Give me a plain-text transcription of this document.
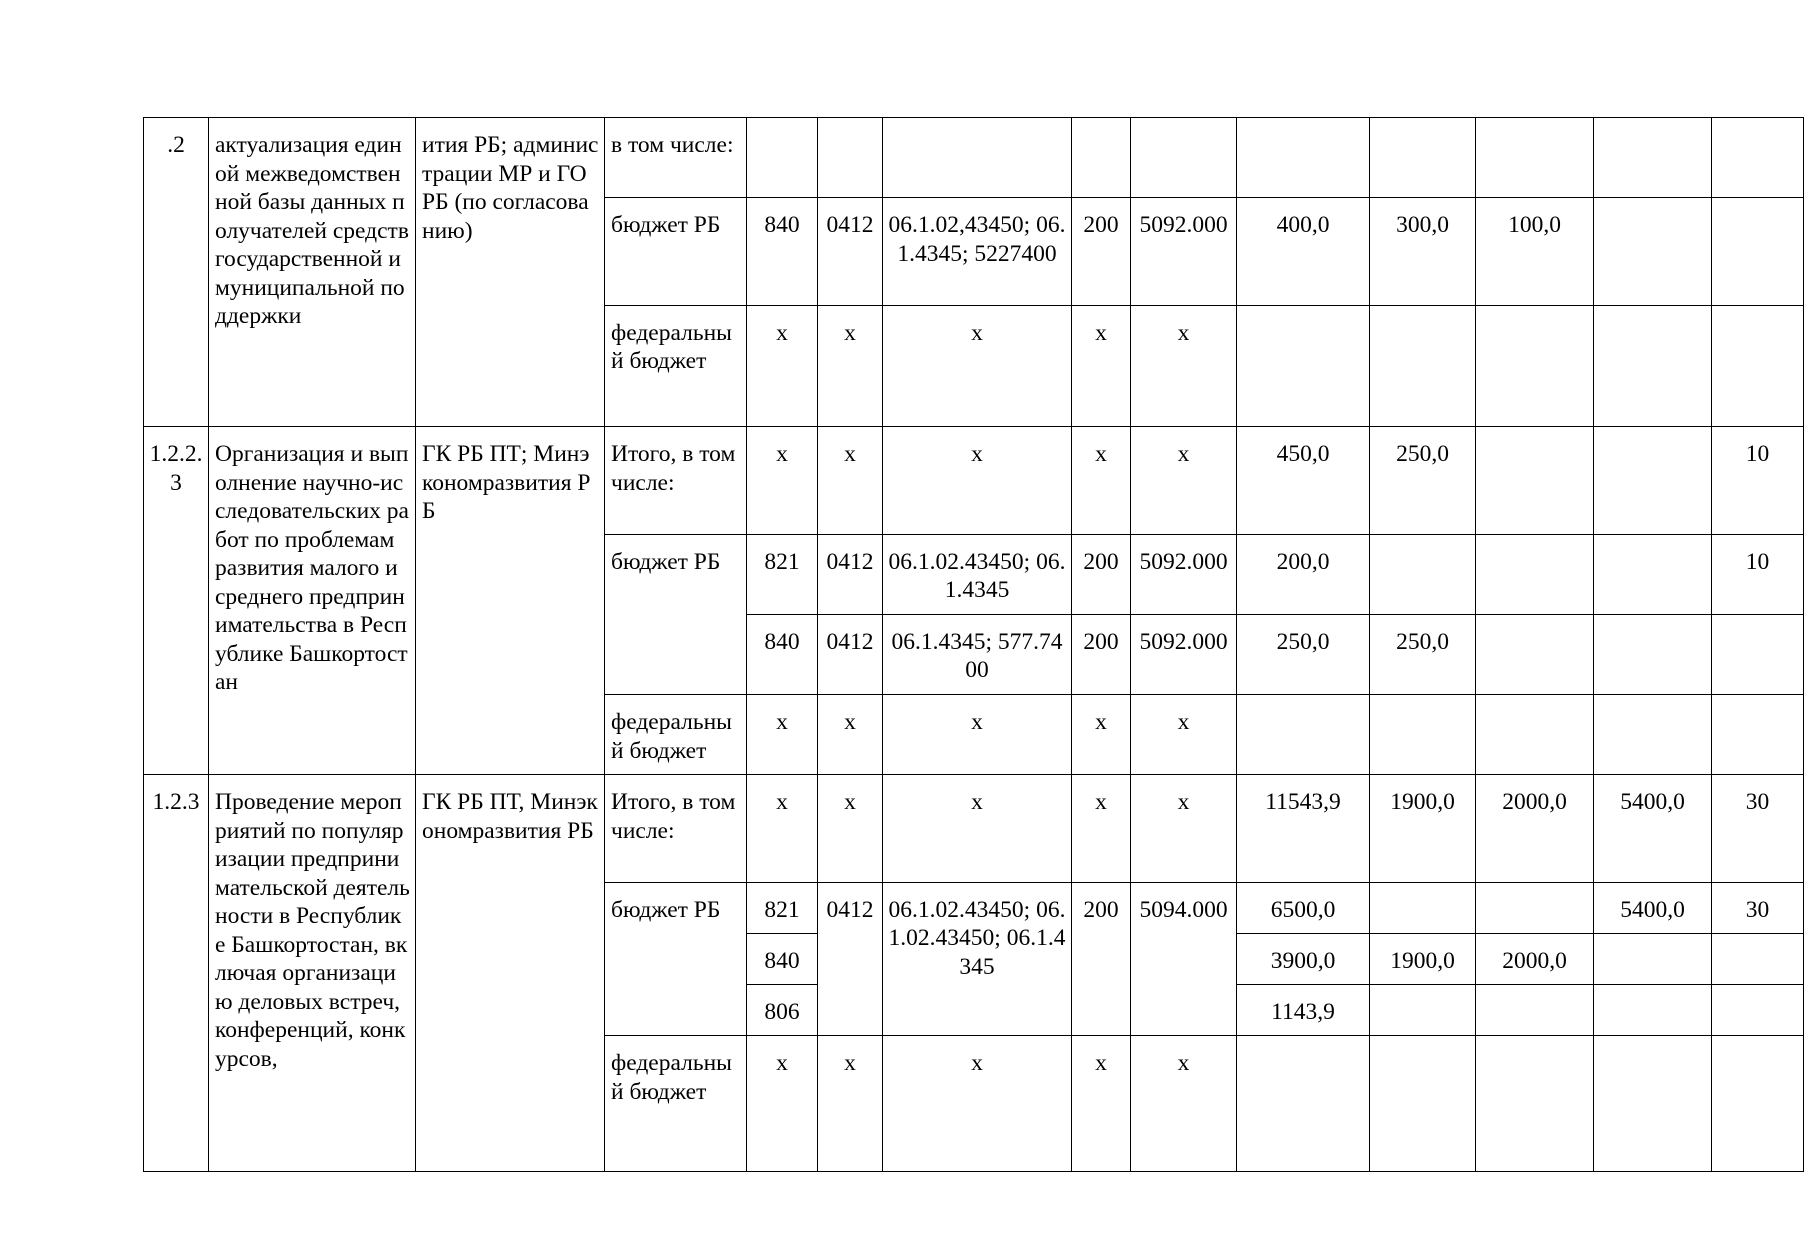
.2	актуализация единой межведомственной базы данных получателей средств государственной и муниципальной поддержки	ития РБ; администрации МР и ГО РБ (по согласованию)	в том числе:										
			бюджет РБ	840	0412	06.1.02,43450; 06.1.4345; 5227400	200	5092.000	400,0	300,0	100,0		
			федеральный бюджет	x	x	x	x	x					
1.2.2.3	Организация и выполнение научно-исследовательских работ по проблемам развития малого и среднего предпринимательства в Республике Башкортостан	ГК РБ ПТ; Минэкономразвития РБ	Итого, в том числе:	x	x	x	x	x	450,0	250,0			10
			бюджет РБ	821	0412	06.1.02.43450; 06.1.4345	200	5092.000	200,0				10
				840	0412	06.1.4345; 577.7400	200	5092.000	250,0	250,0			
			федеральный бюджет	x	x	x	x	x					
1.2.3	Проведение мероприятий по популяризации предпринимательской деятельности в Республике Башкортостан, включая организацию деловых встреч, конференций, конкурсов,	ГК РБ ПТ, Минэкономразвития РБ	Итого, в том числе:	x	x	x	x	x	11543,9	1900,0	2000,0	5400,0	30
			бюджет РБ	821	0412	06.1.02.43450; 06.1.02.43450; 06.1.4345	200	5094.000	6500,0			5400,0	30
				840					3900,0	1900,0	2000,0		
				806					1143,9				
			федеральный бюджет	x	x	x	x	x					
